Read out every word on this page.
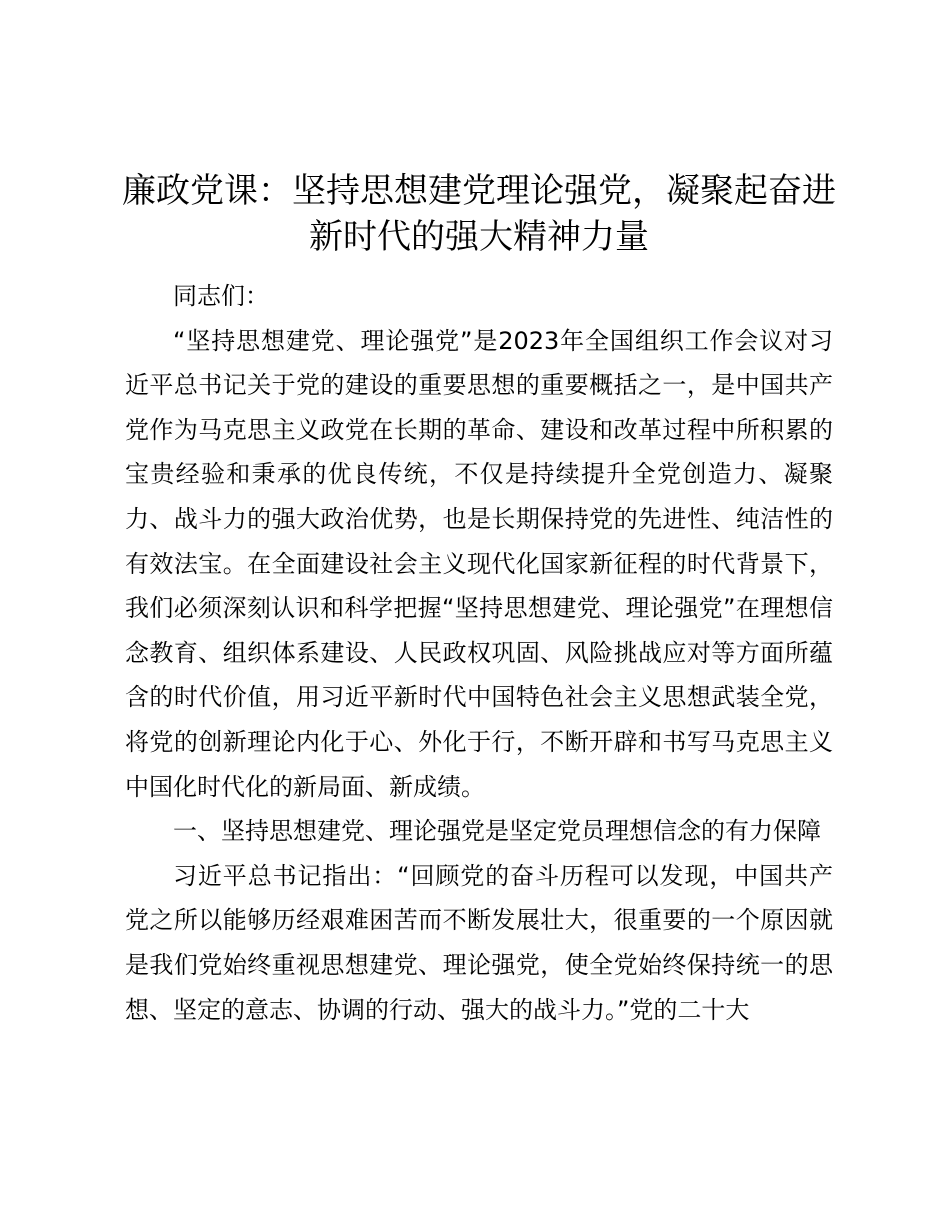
廉政党课：坚持思想建党理论强党，凝聚起奋进新时代的强大精神力量

同志们：

“坚持思想建党、理论强党”是2023年全国组织工作会议对习近平总书记关于党的建设的重要思想的重要概括之一，是中国共产党作为马克思主义政党在长期的革命、建设和改革过程中所积累的宝贵经验和秉承的优良传统，不仅是持续提升全党创造力、凝聚力、战斗力的强大政治优势，也是长期保持党的先进性、纯洁性的有效法宝。在全面建设社会主义现代化国家新征程的时代背景下，我们必须深刻认识和科学把握“坚持思想建党、理论强党”在理想信念教育、组织体系建设、人民政权巩固、风险挑战应对等方面所蕴含的时代价值，用习近平新时代中国特色社会主义思想武装全党，将党的创新理论内化于心、外化于行，不断开辟和书写马克思主义中国化时代化的新局面、新成绩。

一、坚持思想建党、理论强党是坚定党员理想信念的有力保障

习近平总书记指出：“回顾党的奋斗历程可以发现，中国共产党之所以能够历经艰难困苦而不断发展壮大，很重要的一个原因就是我们党始终重视思想建党、理论强党，使全党始终保持统一的思想、坚定的意志、协调的行动、强大的战斗力。”党的二十大
